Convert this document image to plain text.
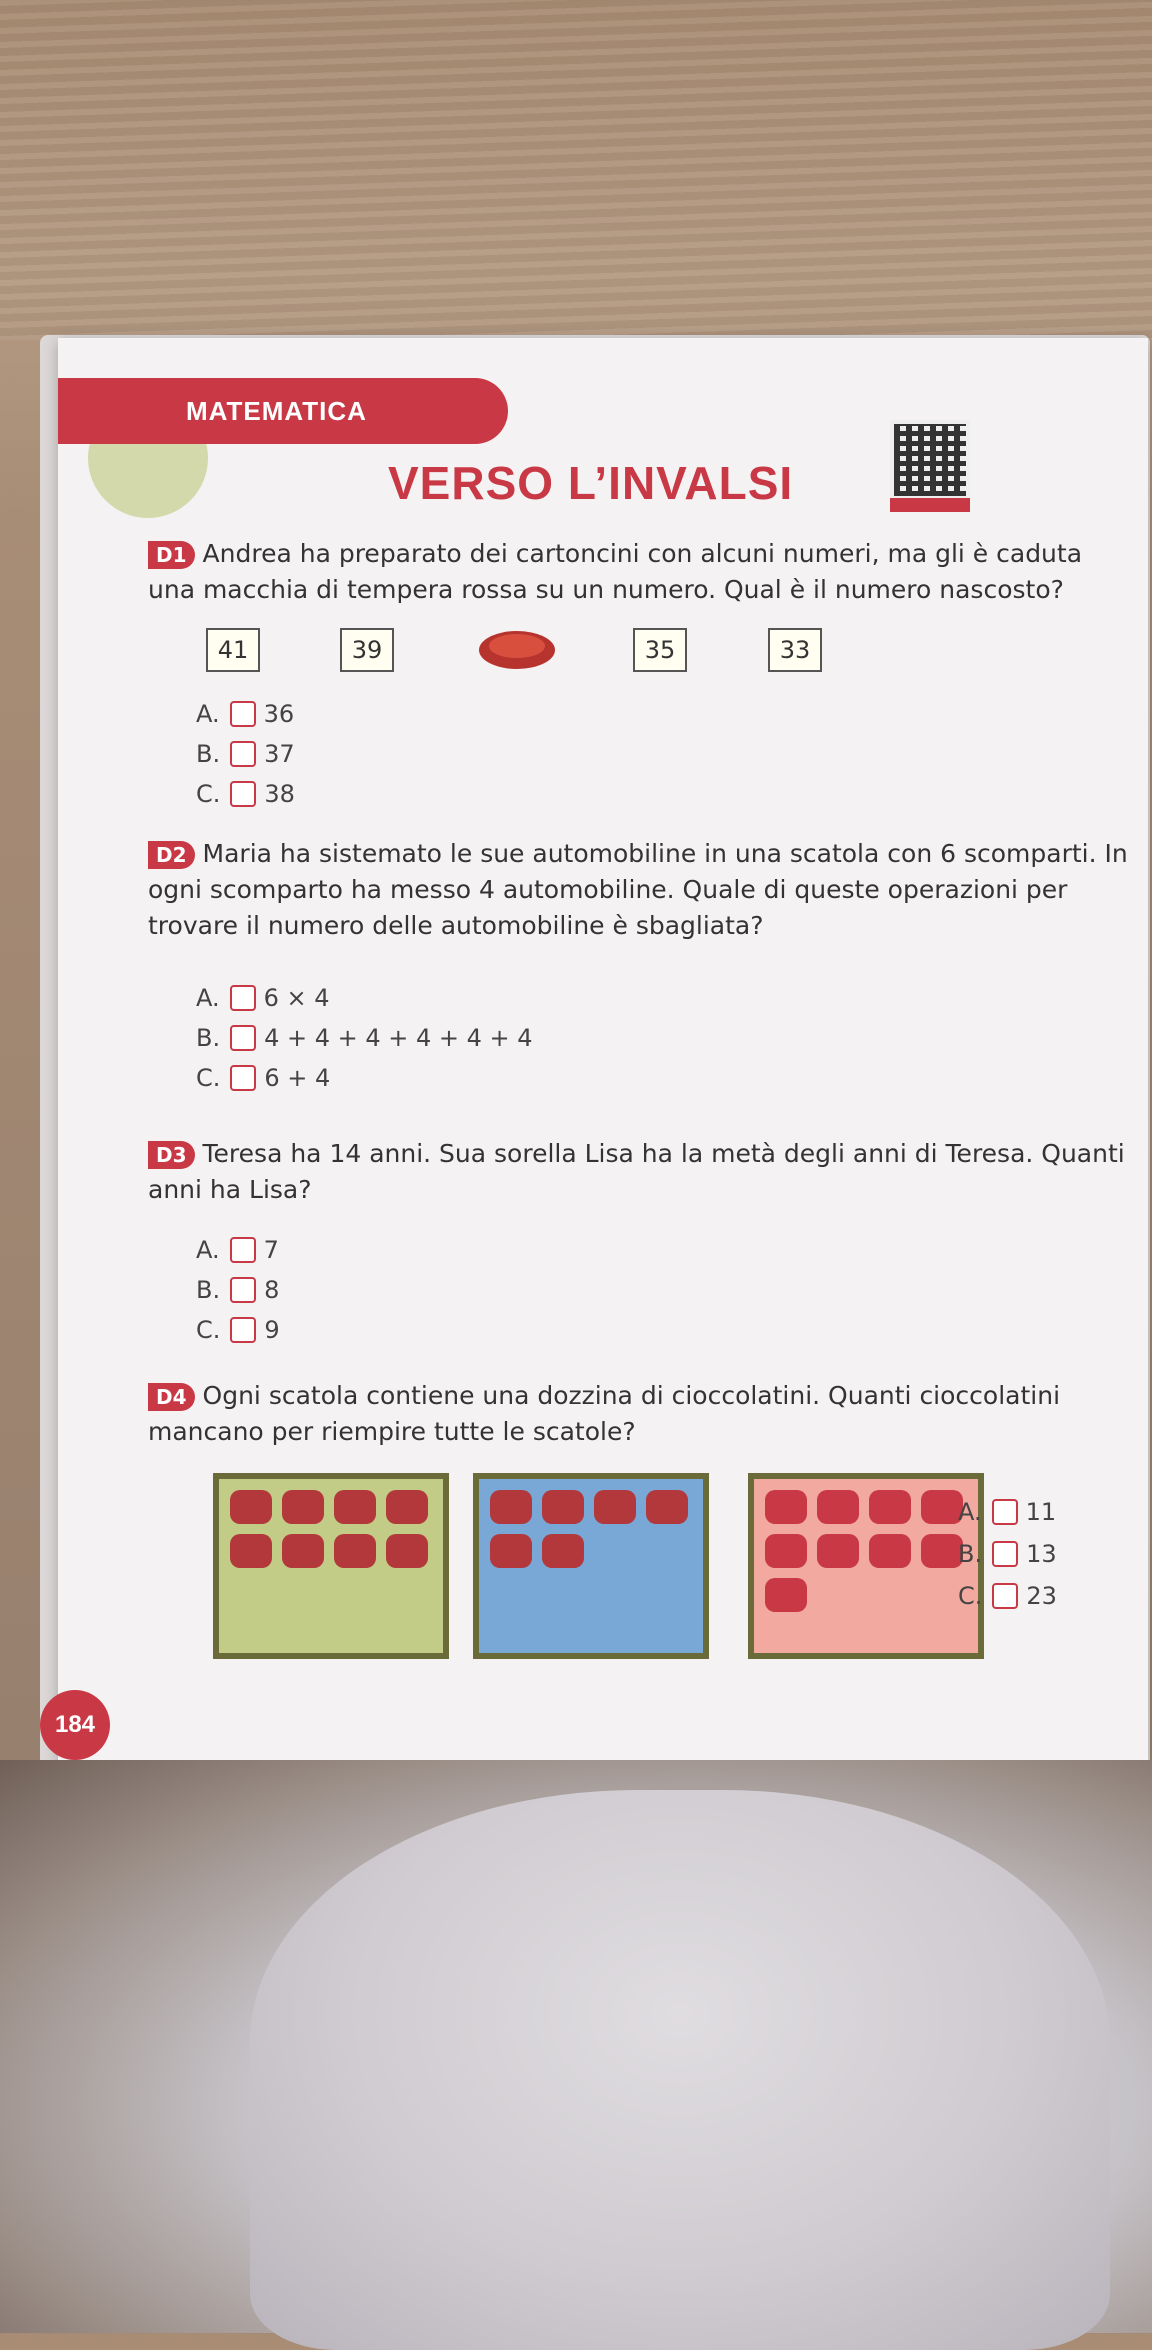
MATEMATICA
VERSO L’INVALSI
D1 Andrea ha preparato dei cartoncini con alcuni numeri, ma gli è caduta una macchia di tempera rossa su un numero. Qual è il numero nascosto?
41	39	35	33
A. 36
B. 37
C. 38
D2 Maria ha sistemato le sue automobiline in una scatola con 6 scomparti. In ogni scomparto ha messo 4 automobiline. Quale di queste operazioni per trovare il numero delle automobiline è sbagliata?
A. 6 × 4
B. 4 + 4 + 4 + 4 + 4 + 4
C. 6 + 4
D3 Teresa ha 14 anni. Sua sorella Lisa ha la metà degli anni di Teresa. Quanti anni ha Lisa?
A. 7
B. 8
C. 9
D4 Ogni scatola contiene una dozzina di cioccolatini. Quanti cioccolatini mancano per riempire tutte le scatole?
A. 11
B. 13
C. 23
184
